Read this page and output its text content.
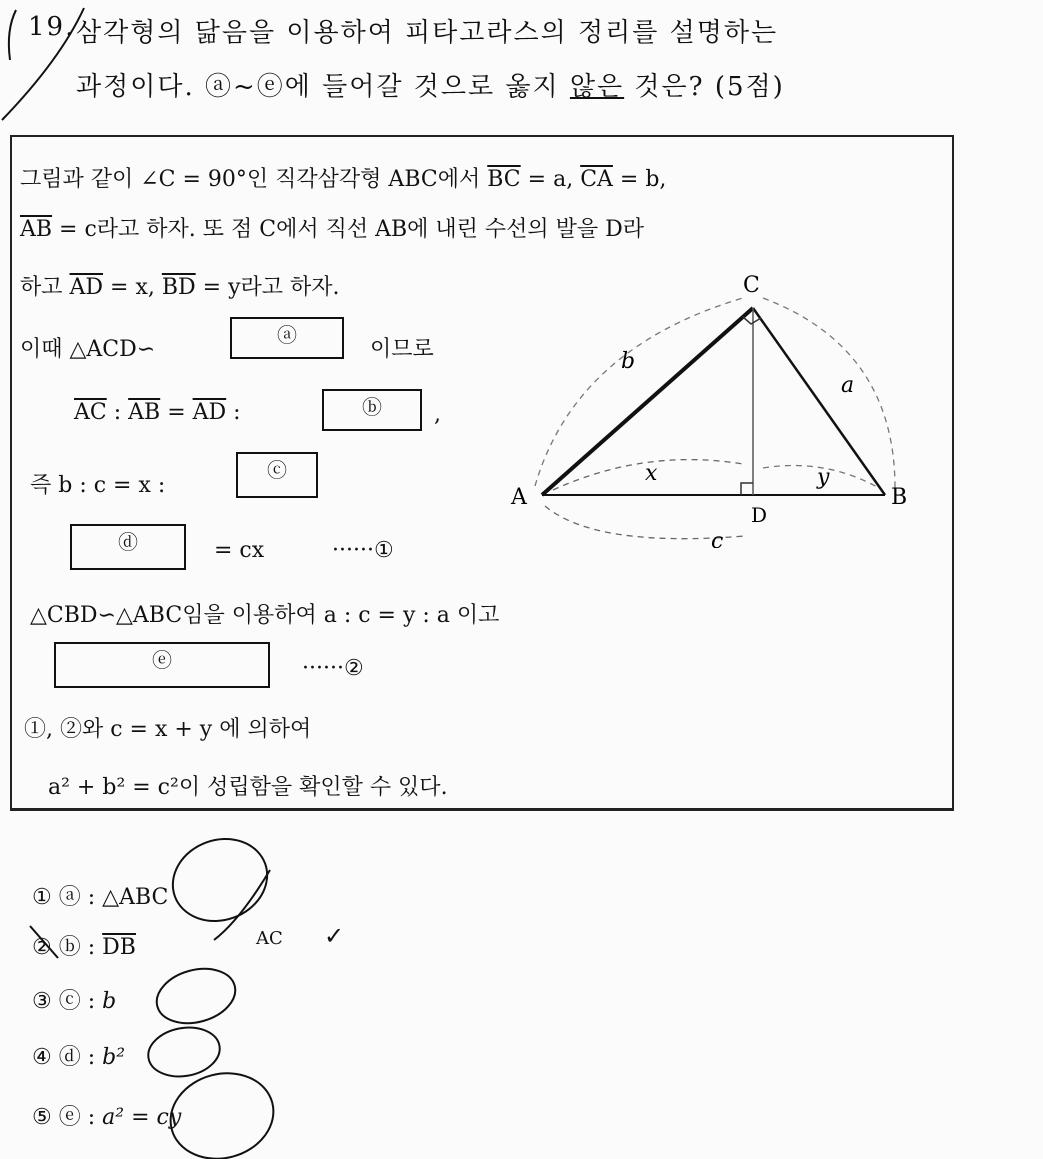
19. 삼각형의 닮음을 이용하여 피타고라스의 정리를 설명하는
과정이다. ⓐ~ⓔ에 들어갈 것으로 옳지 않은 것은? (5점)
그림과 같이 ∠C = 90°인 직각삼각형 ABC에서 $\overline{BC} = a$, $\overline{CA} = b$,
$\overline{AB} = c$라고 하자. 또 점 C에서 직선 AB에 내린 수선의 발을 D라
하고 $\overline{AD} = x$, $\overline{BD} = y$라고 하자.
이때 △ACD∽
ⓐ
이므로
$\overline{AC}$ : $\overline{AB} = \overline{AD}$ :	ⓑ	,
즉 b : c = x :
ⓒ
ⓓ	= cx	······①
△CBD∽△ABC임을 이용하여 a : c = y : a 이고
ⓔ	······②
①, ②와 c = x + y 에 의하여
a² + b² = c²이 성립함을 확인할 수 있다.
C
A	B
D
b
a
x	y
c
① ⓐ : △ABC
② ⓑ : $\overline{DB}$
③ ⓒ : b
④ ⓓ : b²
⑤ ⓔ : a² = cy
AC ✓
